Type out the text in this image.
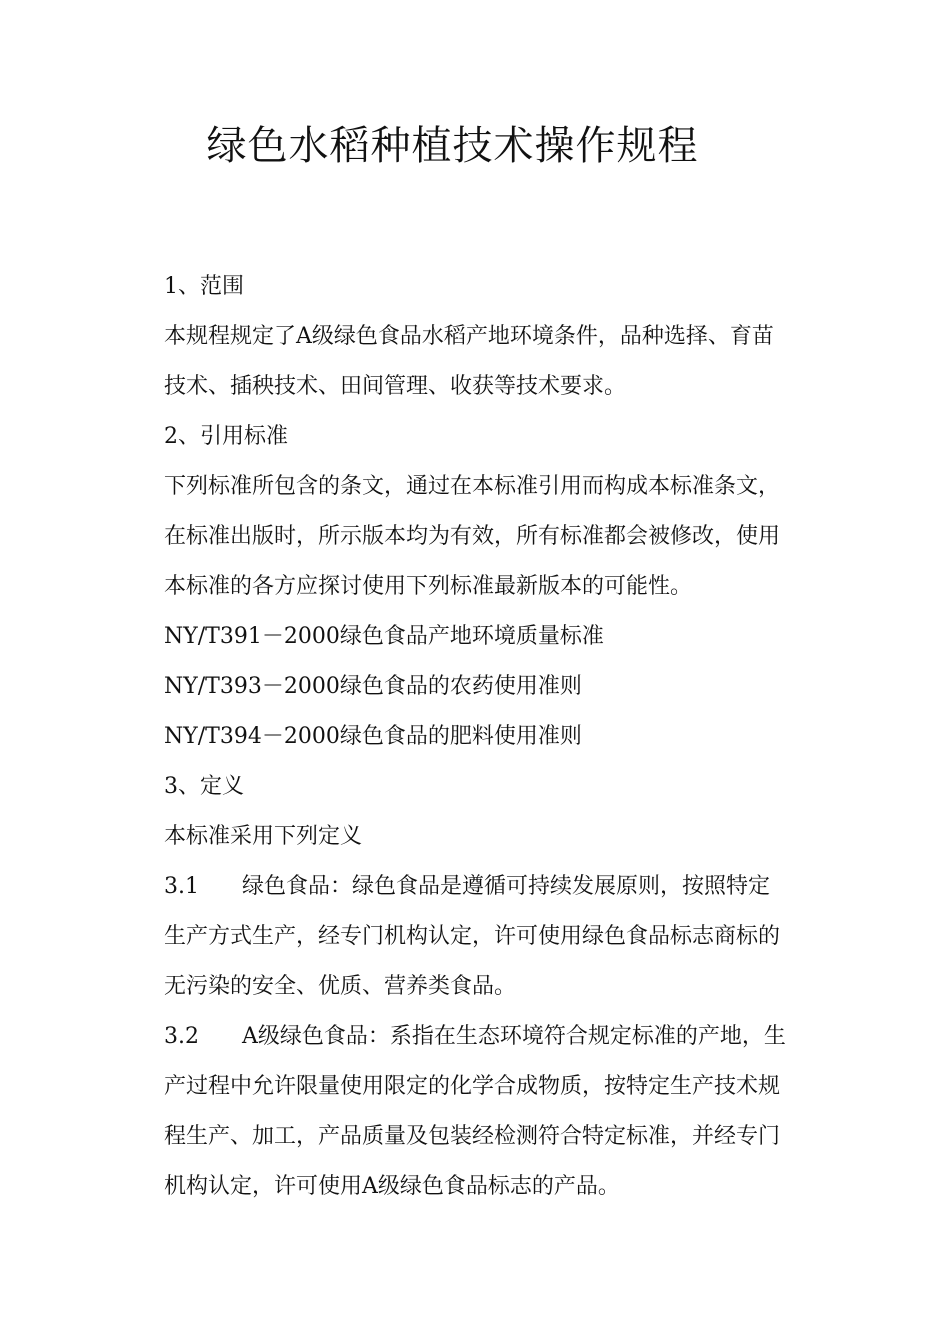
绿色水稻种植技术操作规程
1、范围
本规程规定了A级绿色食品水稻产地环境条件，品种选择、育苗
技术、插秧技术、田间管理、收获等技术要求。
2、引用标准
下列标准所包含的条文，通过在本标准引用而构成本标准条文，
在标准出版时，所示版本均为有效，所有标准都会被修改，使用
本标准的各方应探讨使用下列标准最新版本的可能性。
NY/T391－2000绿色食品产地环境质量标准
NY/T393－2000绿色食品的农药使用准则
NY/T394－2000绿色食品的肥料使用准则
3、定义
本标准采用下列定义
3.1 绿色食品：绿色食品是遵循可持续发展原则，按照特定
生产方式生产，经专门机构认定，许可使用绿色食品标志商标的
无污染的安全、优质、营养类食品。
3.2 A级绿色食品：系指在生态环境符合规定标准的产地，生
产过程中允许限量使用限定的化学合成物质，按特定生产技术规
程生产、加工，产品质量及包装经检测符合特定标准，并经专门
机构认定，许可使用A级绿色食品标志的产品。
